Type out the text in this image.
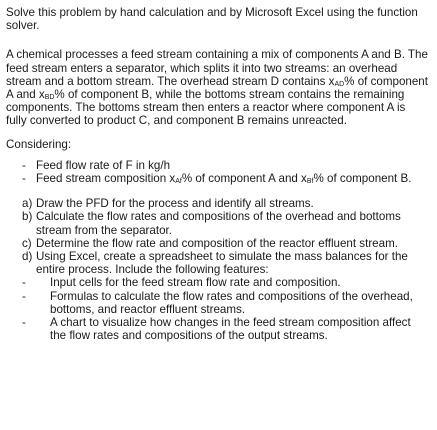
Solve this problem by hand calculation and by Microsoft Excel using the function solver.

A chemical processes a feed stream containing a mix of components A and B. The feed stream enters a separator, which splits it into two streams: an overhead stream and a bottom stream. The overhead stream D contains $x_{AD}\%$ of component A and $x_{BD}\%$ of component B, while the bottoms stream contains the remaining components. The bottoms stream then enters a reactor where component A is fully converted to product C, and component B remains unreacted.

Considering:

- Feed flow rate of F in kg/h
- Feed stream composition $x_{Af}\%$ of component A and $x_{Bf}\%$ of component B.
a) Draw the PFD for the process and identify all streams.
b) Calculate the flow rates and compositions of the overhead and bottoms stream from the separator.
c) Determine the flow rate and composition of the reactor effluent stream.
d) Using Excel, create a spreadsheet to simulate the mass balances for the entire process. Include the following features:
-	Input cells for the feed stream flow rate and composition.
-	Formulas to calculate the flow rates and compositions of the overhead, bottoms, and reactor effluent streams.
-	A chart to visualize how changes in the feed stream composition affect the flow rates and compositions of the output streams.
